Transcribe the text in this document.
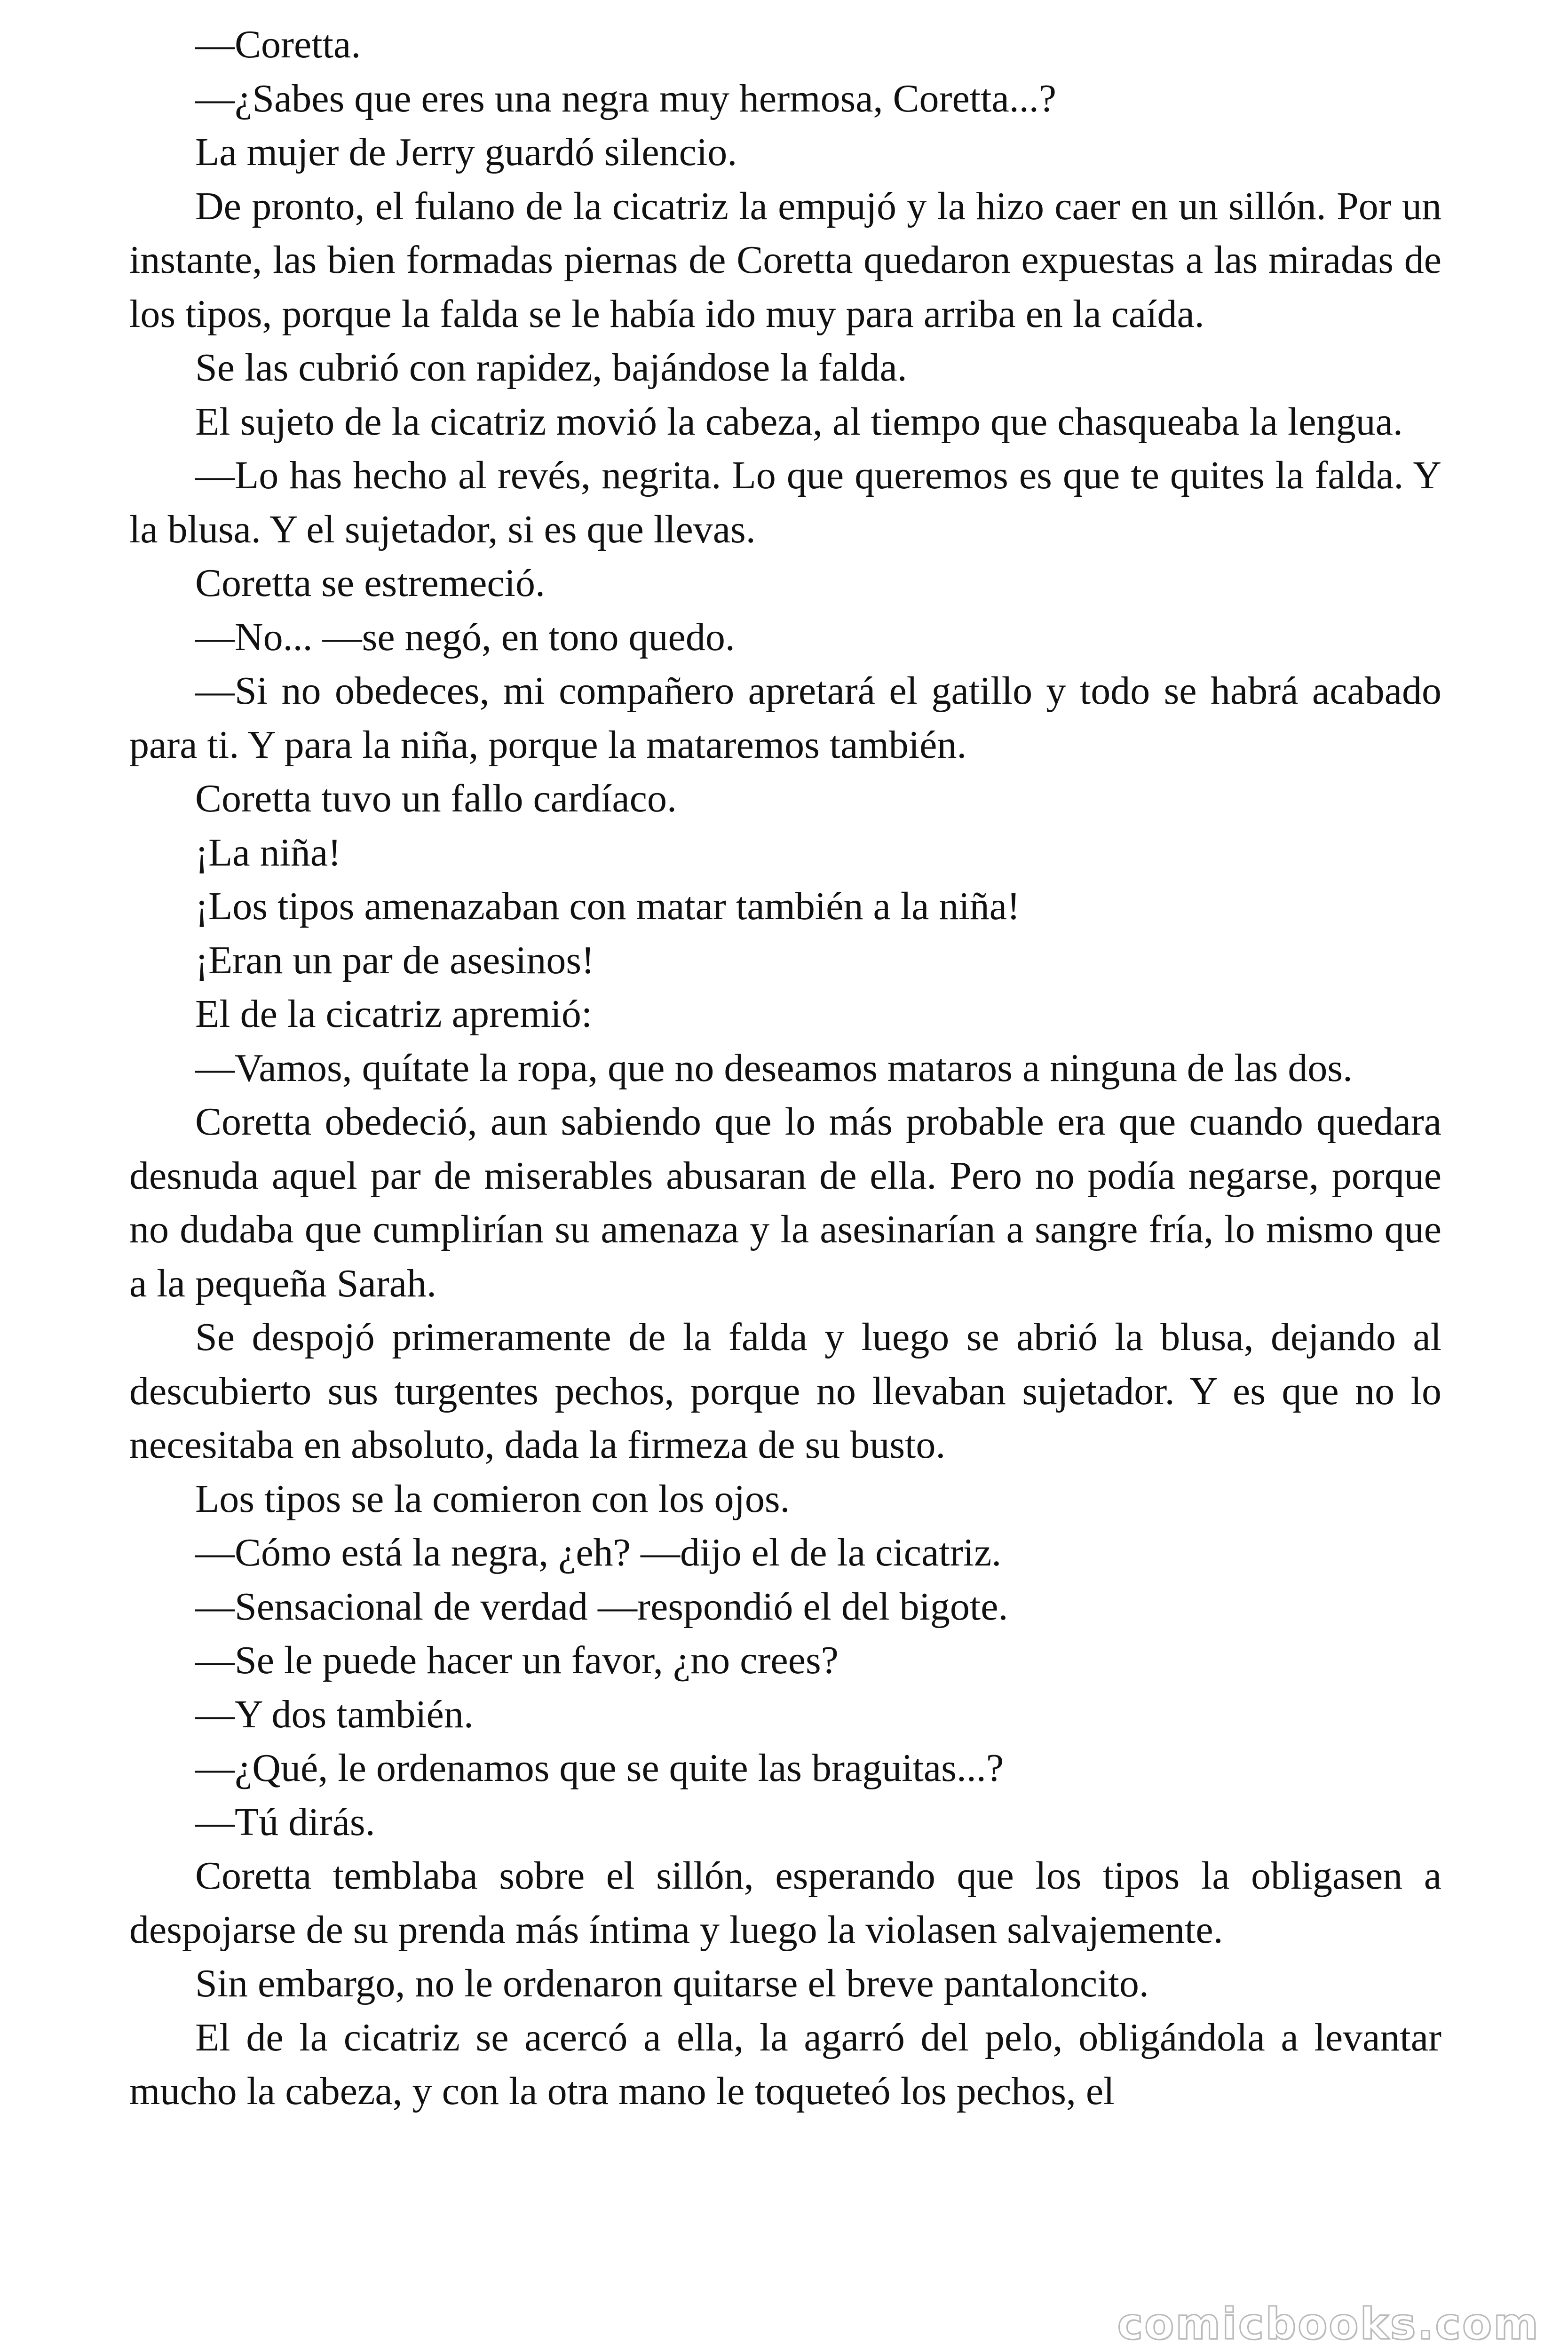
—Coretta.

—¿Sabes que eres una negra muy hermosa, Coretta...?

La mujer de Jerry guardó silencio.

De pronto, el fulano de la cicatriz la empujó y la hizo caer en un sillón. Por un instante, las bien formadas piernas de Coretta quedaron expuestas a las miradas de los tipos, porque la falda se le había ido muy para arriba en la caída.

Se las cubrió con rapidez, bajándose la falda.

El sujeto de la cicatriz movió la cabeza, al tiempo que chasqueaba la lengua.

—Lo has hecho al revés, negrita. Lo que queremos es que te quites la falda. Y la blusa. Y el sujetador, si es que llevas.

Coretta se estremeció.

—No... —se negó, en tono quedo.

—Si no obedeces, mi compañero apretará el gatillo y todo se habrá acabado para ti. Y para la niña, porque la mataremos también.

Coretta tuvo un fallo cardíaco.

¡La niña!

¡Los tipos amenazaban con matar también a la niña!

¡Eran un par de asesinos!

El de la cicatriz apremió:

—Vamos, quítate la ropa, que no deseamos mataros a ninguna de las dos.

Coretta obedeció, aun sabiendo que lo más probable era que cuando quedara desnuda aquel par de miserables abusaran de ella. Pero no podía negarse, porque no dudaba que cumplirían su amenaza y la asesinarían a sangre fría, lo mismo que a la pequeña Sarah.

Se despojó primeramente de la falda y luego se abrió la blusa, dejando al descubierto sus turgentes pechos, porque no llevaban sujetador. Y es que no lo necesitaba en absoluto, dada la firmeza de su busto.

Los tipos se la comieron con los ojos.

—Cómo está la negra, ¿eh? —dijo el de la cicatriz.

—Sensacional de verdad —respondió el del bigote.

—Se le puede hacer un favor, ¿no crees?

—Y dos también.

—¿Qué, le ordenamos que se quite las braguitas...?

—Tú dirás.

Coretta temblaba sobre el sillón, esperando que los tipos la obligasen a despojarse de su prenda más íntima y luego la violasen salvajemente.

Sin embargo, no le ordenaron quitarse el breve pantaloncito.

El de la cicatriz se acercó a ella, la agarró del pelo, obligándola a levantar mucho la cabeza, y con la otra mano le toqueteó los pechos, el

comicbooks.com
